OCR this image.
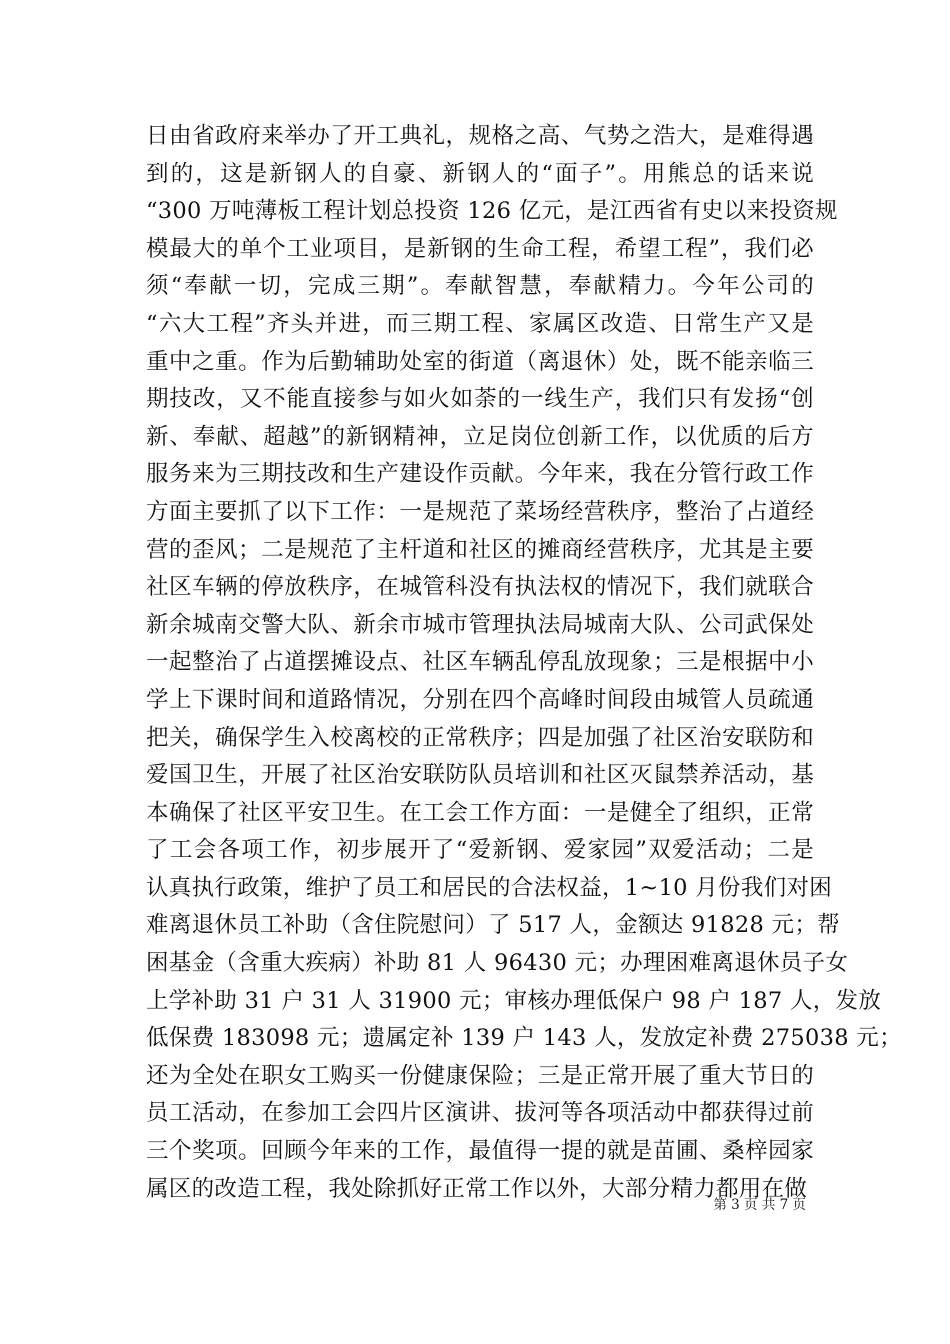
日由省政府来举办了开工典礼，规格之高、气势之浩大，是难得遇
到的，这是新钢人的自豪、新钢人的“面子”。用熊总的话来说
“300 万吨薄板工程计划总投资 126 亿元，是江西省有史以来投资规
模最大的单个工业项目，是新钢的生命工程，希望工程”，我们必
须“奉献一切，完成三期”。奉献智慧，奉献精力。今年公司的
“六大工程”齐头并进，而三期工程、家属区改造、日常生产又是
重中之重。作为后勤辅助处室的街道（离退休）处，既不能亲临三
期技改，又不能直接参与如火如荼的一线生产，我们只有发扬“创
新、奉献、超越”的新钢精神，立足岗位创新工作，以优质的后方
服务来为三期技改和生产建设作贡献。今年来，我在分管行政工作
方面主要抓了以下工作：一是规范了菜场经营秩序，整治了占道经
营的歪风；二是规范了主杆道和社区的摊商经营秩序，尤其是主要
社区车辆的停放秩序，在城管科没有执法权的情况下，我们就联合
新余城南交警大队、新余市城市管理执法局城南大队、公司武保处
一起整治了占道摆摊设点、社区车辆乱停乱放现象；三是根据中小
学上下课时间和道路情况，分别在四个高峰时间段由城管人员疏通
把关，确保学生入校离校的正常秩序；四是加强了社区治安联防和
爱国卫生，开展了社区治安联防队员培训和社区灭鼠禁养活动，基
本确保了社区平安卫生。在工会工作方面：一是健全了组织，正常
了工会各项工作，初步展开了“爱新钢、爱家园”双爱活动；二是
认真执行政策，维护了员工和居民的合法权益，1~10 月份我们对困
难离退休员工补助（含住院慰问）了 517 人，金额达 91828 元；帮
困基金（含重大疾病）补助 81 人 96430 元；办理困难离退休员子女
上学补助 31 户 31 人 31900 元；审核办理低保户 98 户 187 人，发放
低保费 183098 元；遗属定补 139 户 143 人，发放定补费 275038 元；
还为全处在职女工购买一份健康保险；三是正常开展了重大节日的
员工活动，在参加工会四片区演讲、拔河等各项活动中都获得过前
三个奖项。回顾今年来的工作，最值得一提的就是苗圃、桑梓园家
属区的改造工程，我处除抓好正常工作以外，大部分精力都用在做
第 3 页 共 7 页
